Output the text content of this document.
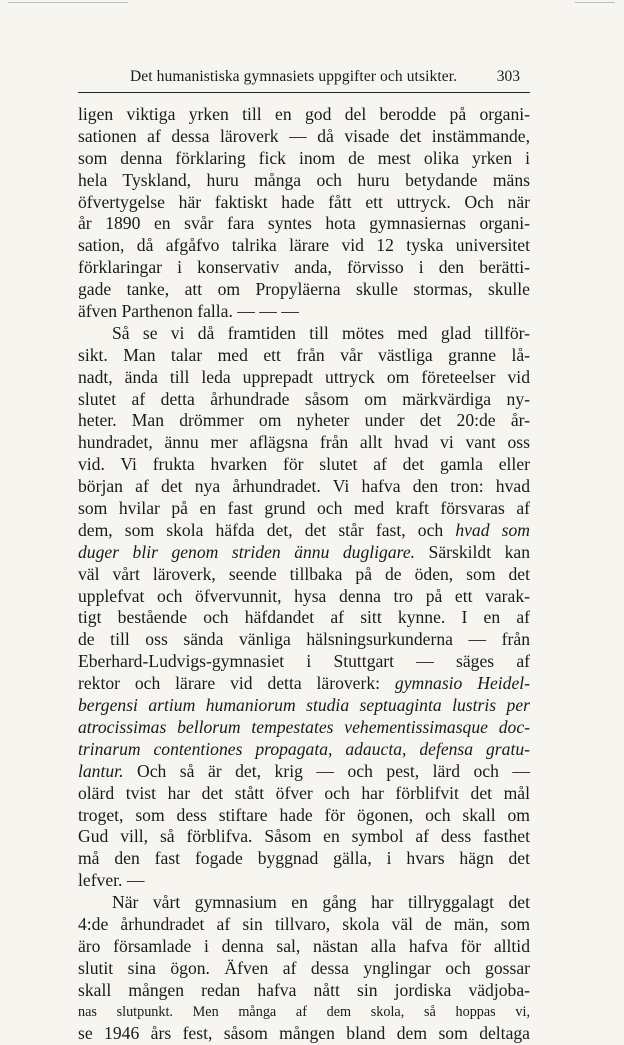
Det humanistiska gymnasiets uppgifter och utsikter.	303
ligen viktiga yrken till en god del berodde på organi-
sationen af dessa läroverk — då visade det instämmande,
som denna förklaring fick inom de mest olika yrken i
hela Tyskland, huru många och huru betydande mäns
öfvertygelse här faktiskt hade fått ett uttryck. Och när
år 1890 en svår fara syntes hota gymnasiernas organi-
sation, då afgåfvo talrika lärare vid 12 tyska universitet
förklaringar i konservativ anda, förvisso i den berätti-
gade tanke, att om Propyläerna skulle stormas, skulle
äfven Parthenon falla. — — —
Så se vi då framtiden till mötes med glad tillför-
sikt. Man talar med ett från vår västliga granne lå-
nadt, ända till leda upprepadt uttryck om företeelser vid
slutet af detta århundrade såsom om märkvärdiga ny-
heter. Man drömmer om nyheter under det 20:de år-
hundradet, ännu mer aflägsna från allt hvad vi vant oss
vid. Vi frukta hvarken för slutet af det gamla eller
början af det nya århundradet. Vi hafva den tron: hvad
som hvilar på en fast grund och med kraft försvaras af
dem, som skola häfda det, det står fast, och hvad som
duger blir genom striden ännu dugligare. Särskildt kan
väl vårt läroverk, seende tillbaka på de öden, som det
upplefvat och öfvervunnit, hysa denna tro på ett varak-
tigt bestående och häfdandet af sitt kynne. I en af
de till oss sända vänliga hälsningsurkunderna — från
Eberhard-Ludvigs-gymnasiet i Stuttgart — säges af
rektor och lärare vid detta läroverk: gymnasio Heidel-
bergensi artium humaniorum studia septuaginta lustris per
atrocissimas bellorum tempestates vehementissimasque doc-
trinarum contentiones propagata, adaucta, defensa gratu-
lantur. Och så är det, krig — och pest, lärd och —
olärd tvist har det stått öfver och har förblifvit det mål
troget, som dess stiftare hade för ögonen, och skall om
Gud vill, så förblifva. Såsom en symbol af dess fasthet
må den fast fogade byggnad gälla, i hvars hägn det
lefver. —
När vårt gymnasium en gång har tillryggalagt det
4:de århundradet af sin tillvaro, skola väl de män, som
äro församlade i denna sal, nästan alla hafva för alltid
slutit sina ögon. Äfven af dessa ynglingar och gossar
skall mången redan hafva nått sin jordiska vädjoba-
nas slutpunkt. Men många af dem skola, så hoppas vi,
se 1946 års fest, såsom mången bland dem som deltaga
